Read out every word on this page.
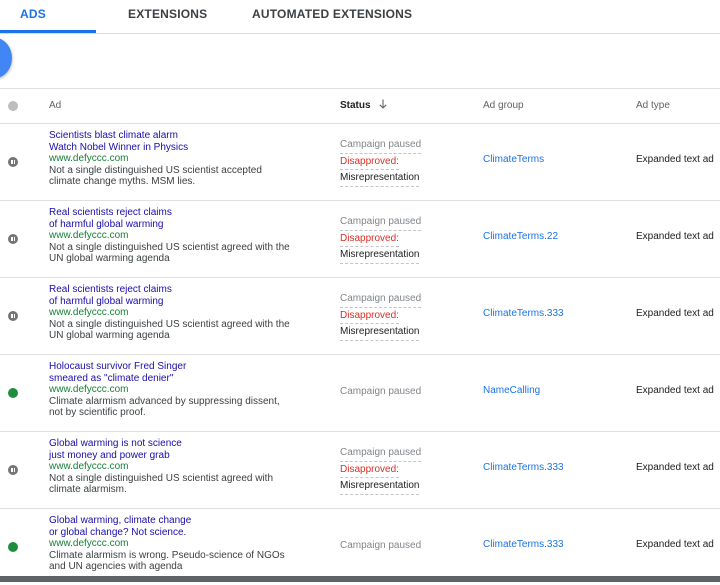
ADS	EXTENSIONS	AUTOMATED EXTENSIONS
Ad	Status	Ad group	Ad type
Scientists blast climate alarm
Watch Nobel Winner in Physics
www.defyccc.com
Not a single distinguished US scientist accepted
climate change myths. MSM lies.
Campaign paused
Disapproved:
Misrepresentation
ClimateTerms	Expanded text ad
Real scientists reject claims
of harmful global warming
www.defyccc.com
Not a single distinguished US scientist agreed with the
UN global warming agenda
Campaign paused
Disapproved:
Misrepresentation
ClimateTerms.22	Expanded text ad
Real scientists reject claims
of harmful global warming
www.defyccc.com
Not a single distinguished US scientist agreed with the
UN global warming agenda
Campaign paused
Disapproved:
Misrepresentation
ClimateTerms.333	Expanded text ad
Holocaust survivor Fred Singer
smeared as "climate denier"
www.defyccc.com
Climate alarmism advanced by suppressing dissent,
not by scientific proof.
Campaign paused	NameCalling	Expanded text ad
Global warming is not science
just money and power grab
www.defyccc.com
Not a single distinguished US scientist agreed with
climate alarmism.
Campaign paused
Disapproved:
Misrepresentation
ClimateTerms.333	Expanded text ad
Global warming, climate change
or global change? Not science.
www.defyccc.com
Climate alarmism is wrong. Pseudo-science of NGOs
and UN agencies with agenda
Campaign paused	ClimateTerms.333	Expanded text ad
